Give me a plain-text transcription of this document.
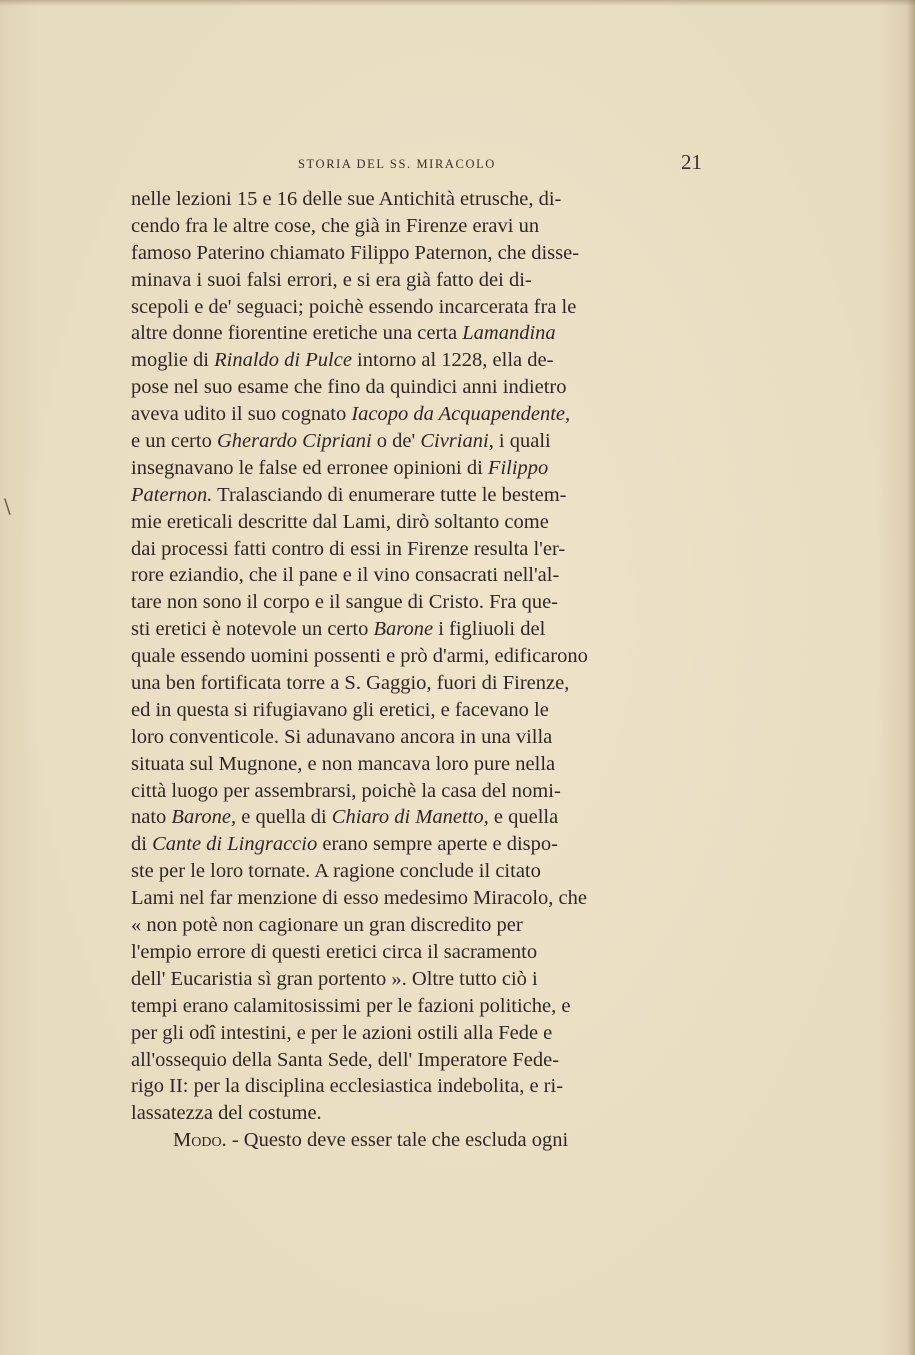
\
STORIA DEL SS. MIRACOLO	21
nelle lezioni 15 e 16 delle sue Antichità etrusche, di-
cendo fra le altre cose, che già in Firenze eravi un
famoso Paterino chiamato Filippo Paternon, che disse-
minava i suoi falsi errori, e si era già fatto dei di-
scepoli e de' seguaci; poichè essendo incarcerata fra le
altre donne fiorentine eretiche una certa Lamandina
moglie di Rinaldo di Pulce intorno al 1228, ella de-
pose nel suo esame che fino da quindici anni indietro
aveva udito il suo cognato Iacopo da Acquapendente,
e un certo Gherardo Cipriani o de' Civriani, i quali
insegnavano le false ed erronee opinioni di Filippo
Paternon. Tralasciando di enumerare tutte le bestem-
mie ereticali descritte dal Lami, dirò soltanto come
dai processi fatti contro di essi in Firenze resulta l'er-
rore eziandio, che il pane e il vino consacrati nell'al-
tare non sono il corpo e il sangue di Cristo. Fra que-
sti eretici è notevole un certo Barone i figliuoli del
quale essendo uomini possenti e prò d'armi, edificarono
una ben fortificata torre a S. Gaggio, fuori di Firenze,
ed in questa si rifugiavano gli eretici, e facevano le
loro conventicole. Si adunavano ancora in una villa
situata sul Mugnone, e non mancava loro pure nella
città luogo per assembrarsi, poichè la casa del nomi-
nato Barone, e quella di Chiaro di Manetto, e quella
di Cante di Lingraccio erano sempre aperte e dispo-
ste per le loro tornate. A ragione conclude il citato
Lami nel far menzione di esso medesimo Miracolo, che
« non potè non cagionare un gran discredito per
l'empio errore di questi eretici circa il sacramento
dell' Eucaristia sì gran portento ». Oltre tutto ciò i
tempi erano calamitosissimi per le fazioni politiche, e
per gli odî intestini, e per le azioni ostili alla Fede e
all'ossequio della Santa Sede, dell' Imperatore Fede-
rigo II: per la disciplina ecclesiastica indebolita, e ri-
lassatezza del costume.
Modo. - Questo deve esser tale che escluda ogni
